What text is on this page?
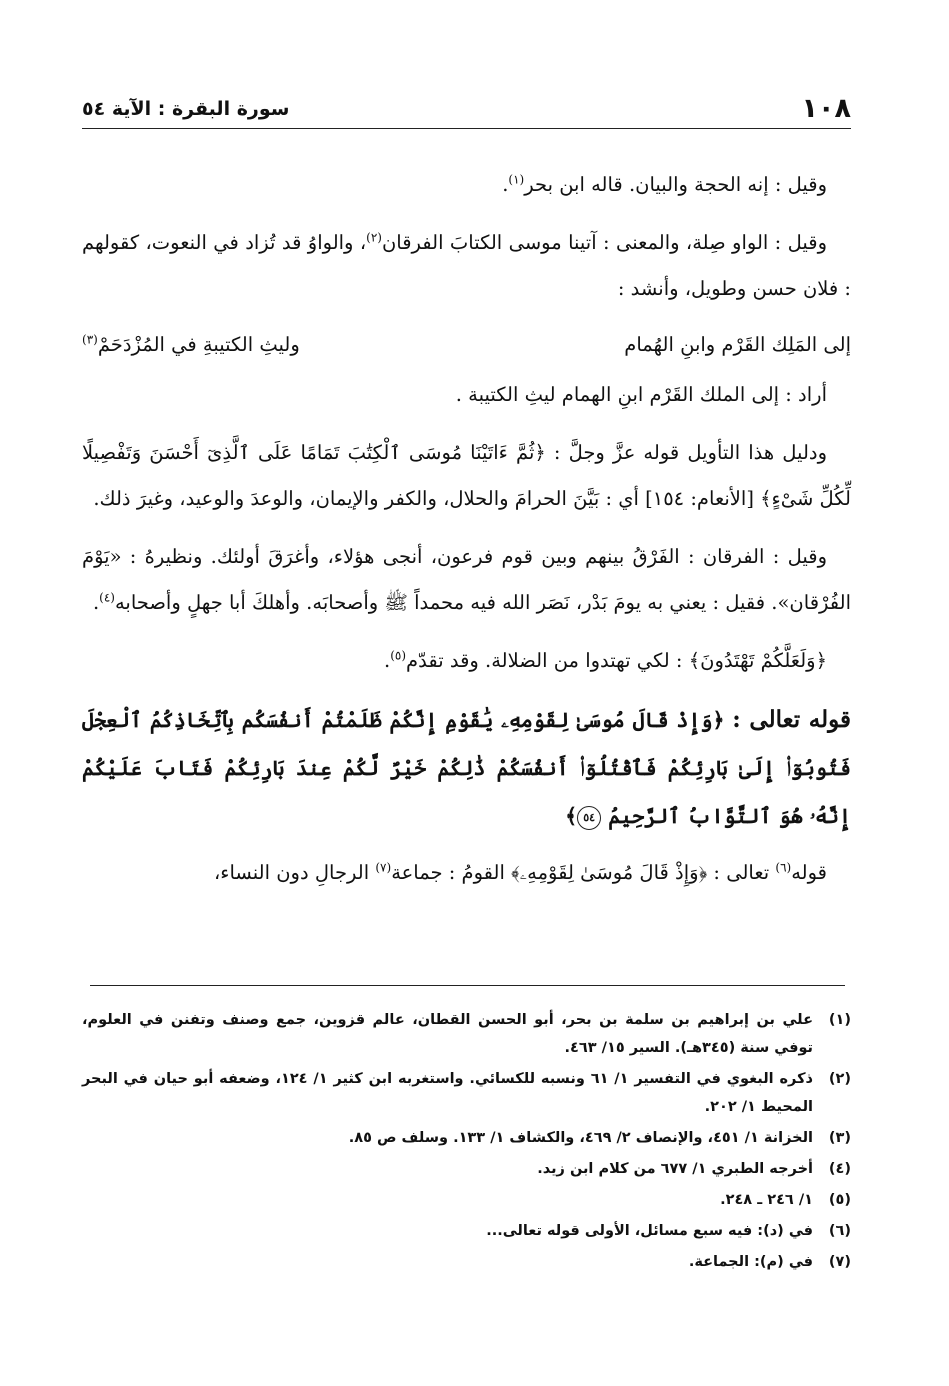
١٠٨
سورة البقرة : الآية ٥٤

وقيل : إنه الحجة والبيان. قاله ابن بحر$^{(١)}$.

وقيل : الواو صِلة، والمعنى : آتينا موسى الكتابَ الفرقان$^{(٢)}$، والواوُ قد تُزاد في النعوت، كقولهم : فلان حسن وطويل، وأنشد :

إلى المَلِك القَرْم وابنِ الهُمام
وليثِ الكتيبةِ في المُزْدَحَمْ$^{(٣)}$

أراد : إلى الملك القَرْم ابنِ الهمام ليثِ الكتيبة .

ودليل هذا التأويل قوله عزَّ وجلَّ : ﴿ثُمَّ ءَاتَيْنَا مُوسَى ٱلْكِتَٰبَ تَمَامًا عَلَى ٱلَّذِىٓ أَحْسَنَ وَتَفْصِيلًا لِّكُلِّ شَىْءٍ﴾ [الأنعام: ١٥٤] أي : بَيَّنَ الحرامَ والحلال، والكفر والإيمان، والوعدَ والوعيد، وغيرَ ذلك.

وقيل : الفرقان : الفَرْقُ بينهم وبين قوم فرعون، أنجى هؤلاء، وأغرَقَ أولئك. ونظيرهُ : «يَوْمَ الفُرْقان». فقيل : يعني به يومَ بَدْر، نَصَر الله فيه محمداً ﷺ وأصحابَه. وأهلكَ أبا جهلٍ وأصحابه$^{(٤)}$.

﴿وَلَعَلَّكُمْ تَهْتَدُونَ﴾ : لكي تهتدوا من الضلالة. وقد تقدّم$^{(٥)}$.

قوله تعالى : ﴿وَإِذْ قَالَ مُوسَىٰ لِقَوْمِهِۦ يَٰقَوْمِ إِنَّكُمْ ظَلَمْتُمْ أَنفُسَكُم بِٱتِّخَاذِكُمُ ٱلْعِجْلَ فَتُوبُوٓا۟ إِلَىٰ بَارِئِكُمْ فَٱقْتُلُوٓا۟ أَنفُسَكُمْ ذَٰلِكُمْ خَيْرٌ لَّكُمْ عِندَ بَارِئِكُمْ فَتَابَ عَلَيْكُمْ إِنَّهُۥ هُوَ ٱلتَّوَّابُ ٱلرَّحِيمُ ٥٤﴾

قوله$^{(٦)}$ تعالى : ﴿وَإِذْ قَالَ مُوسَىٰ لِقَوْمِهِۦ﴾ القومُ : جماعة$^{(٧)}$ الرجالِ دون النساء،

(١)
علي بن إبراهيم بن سلمة بن بحر، أبو الحسن القطان، عالم قزوين، جمع وصنف وتفنن في العلوم، توفي سنة (٣٤٥هـ). السير ١٥/ ٤٦٣.
(٢)
ذكره البغوي في التفسير ١/ ٦١ ونسبه للكسائي. واستغربه ابن كثير ١/ ١٢٤، وضعفه أبو حيان في البحر المحيط ١/ ٢٠٢.
(٣)
الخزانة ١/ ٤٥١، والإنصاف ٢/ ٤٦٩، والكشاف ١/ ١٣٣. وسلف ص ٨٥.
(٤)
أخرجه الطبري ١/ ٦٧٧ من كلام ابن زيد.
(٥)
١/ ٢٤٦ ـ ٢٤٨.
(٦)
في (د): فيه سبع مسائل، الأولى قوله تعالى...
(٧)
في (م): الجماعة.
